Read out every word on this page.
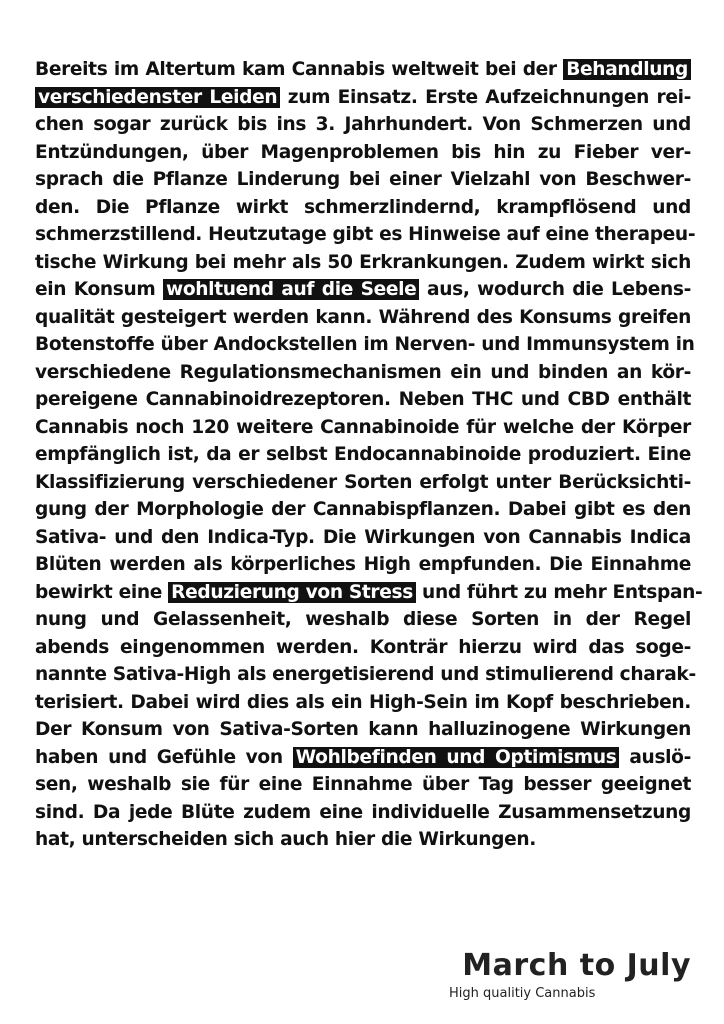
Bereits im Altertum kam Cannabis weltweit bei der Behandlung
verschiedenster Leiden zum Einsatz. Erste Aufzeichnungen rei-
chen sogar zurück bis ins 3. Jahrhundert. Von Schmerzen und
Entzündungen, über Magenproblemen bis hin zu Fieber ver-
sprach die Pflanze Linderung bei einer Vielzahl von Beschwer-
den. Die Pflanze wirkt schmerzlindernd, krampflösend und
schmerzstillend. Heutzutage gibt es Hinweise auf eine therapeu-
tische Wirkung bei mehr als 50 Erkrankungen. Zudem wirkt sich
ein Konsum wohltuend auf die Seele aus, wodurch die Lebens-
qualität gesteigert werden kann. Während des Konsums greifen
Botenstoffe über Andockstellen im Nerven- und Immunsystem in
verschiedene Regulationsmechanismen ein und binden an kör-
pereigene Cannabinoidrezeptoren. Neben THC und CBD enthält
Cannabis noch 120 weitere Cannabinoide für welche der Körper
empfänglich ist, da er selbst Endocannabinoide produziert. Eine
Klassifizierung verschiedener Sorten erfolgt unter Berücksichti-
gung der Morphologie der Cannabispflanzen. Dabei gibt es den
Sativa- und den Indica-Typ. Die Wirkungen von Cannabis Indica
Blüten werden als körperliches High empfunden. Die Einnahme
bewirkt eine Reduzierung von Stress und führt zu mehr Entspan-
nung und Gelassenheit, weshalb diese Sorten in der Regel
abends eingenommen werden. Konträr hierzu wird das soge-
nannte Sativa-High als energetisierend und stimulierend charak-
terisiert. Dabei wird dies als ein High-Sein im Kopf beschrieben.
Der Konsum von Sativa-Sorten kann halluzinogene Wirkungen
haben und Gefühle von Wohlbefinden und Optimismus auslö-
sen, weshalb sie für eine Einnahme über Tag besser geeignet
sind. Da jede Blüte zudem eine individuelle Zusammensetzung
hat, unterscheiden sich auch hier die Wirkungen.
March to July
High qualitiy Cannabis
